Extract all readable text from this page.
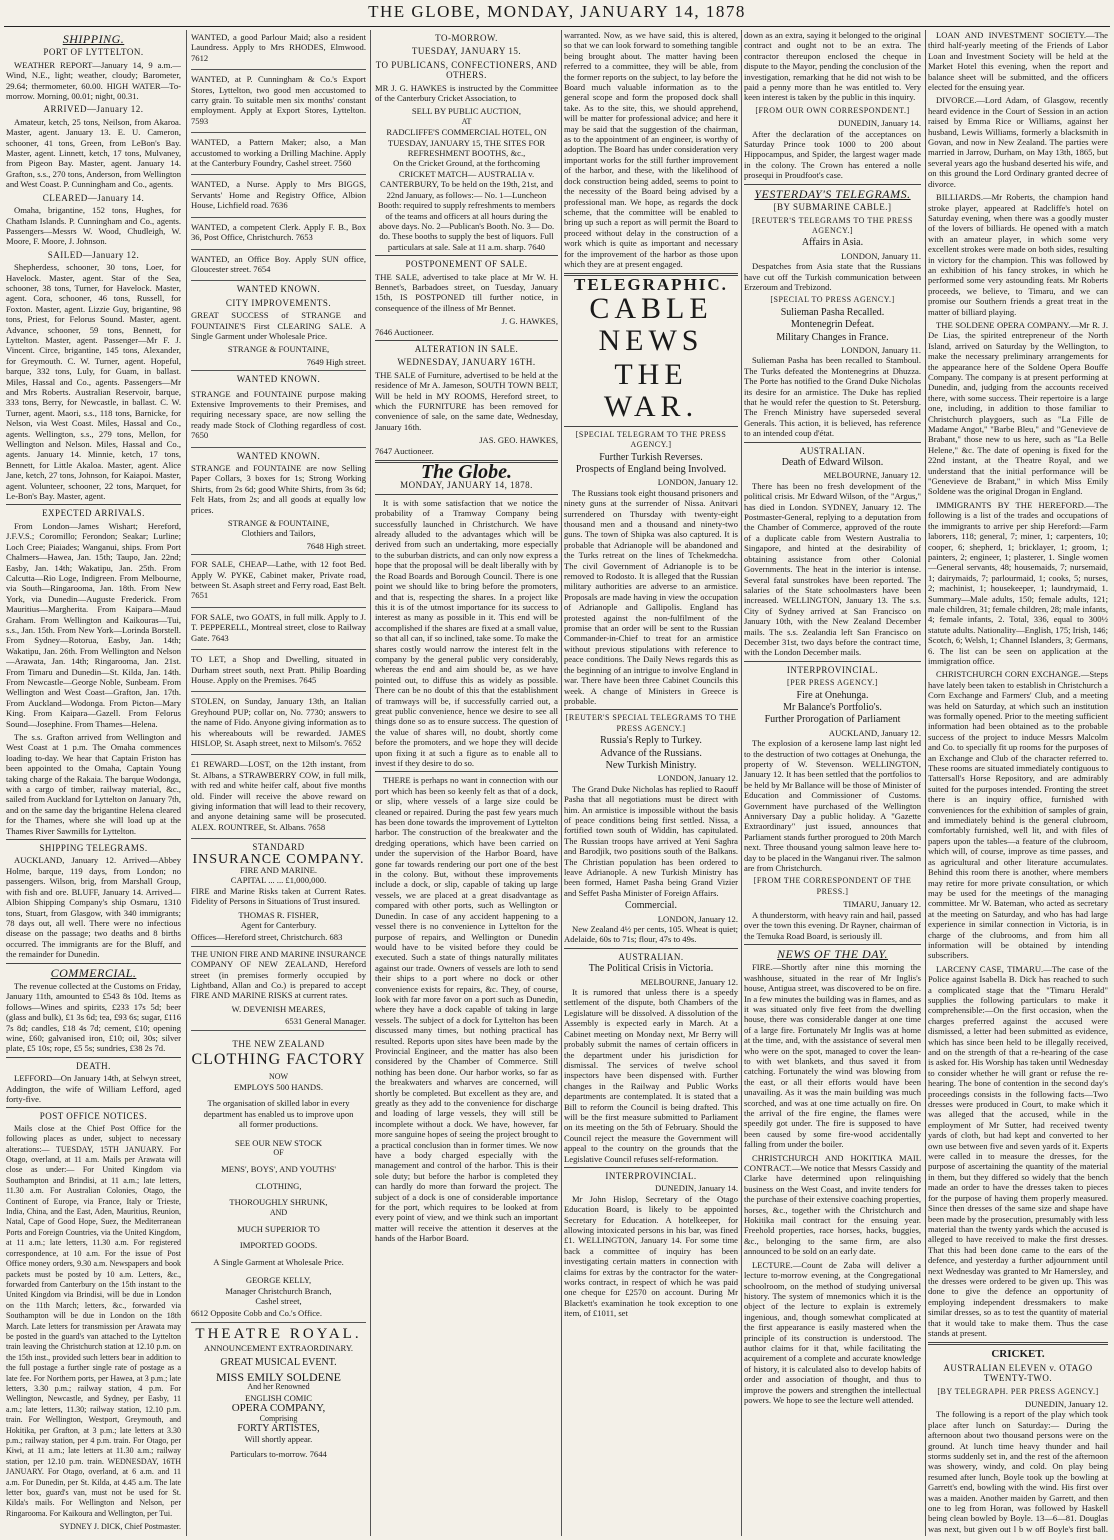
THE GLOBE, MONDAY, JANUARY 14, 1878
SHIPPING.
PORT OF LYTTELTON.

WEATHER REPORT—January 14, 9 a.m.—Wind, N.E., light; weather, cloudy; Barometer, 29.64; thermometer, 60.00. HIGH WATER—To-morrow. Morning, 00.01; night, 00.31.

ARRIVED—January 12.

Amateur, ketch, 25 tons, Neilson, from Akaroa. Master, agent. January 13. E. U. Cameron, schooner, 41 tons, Green, from LeBon's Bay. Master, agent. Linnett, ketch, 17 tons, Mulvaney, from Pigeon Bay. Master, agent. January 14. Grafton, s.s., 270 tons, Anderson, from Wellington and West Coast. P. Cunningham and Co., agents.

CLEARED—January 14.

Omaha, brigantine, 152 tons, Hughes, for Chatham Islands. P. Cunningham and Co., agents. Passengers—Messrs W. Wood, Chudleigh, W. Moore, F. Moore, J. Johnson.

SAILED—January 12.

Shepherdess, schooner, 30 tons, Loer, for Havelock. Master, agent. Star of the Sea, schooner, 38 tons, Turner, for Havelock. Master, agent. Cora, schooner, 46 tons, Russell, for Foxton. Master, agent. Lizzie Guy, brigantine, 98 tons, Priest, for Felorus Sound. Master, agent. Advance, schooner, 59 tons, Bennett, for Lyttelton. Master, agent. Passenger—Mr F. J. Vincent. Circe, brigantine, 145 tons, Alexander, for Greymouth. C. W. Turner, agent. Hopeful, barque, 332 tons, Luly, for Guam, in ballast. Miles, Hassal and Co., agents. Passengers—Mr and Mrs Roberts. Australian Reservoir, barque, 333 tons, Berry, for Newcastle, in ballast. C. W. Turner, agent. Maori, s.s., 118 tons, Barnicke, for Nelson, via West Coast. Miles, Hassal and Co., agents. Wellington, s.s., 279 tons, Mellon, for Wellington and Nelson. Miles, Hassal and Co., agents. January 14. Minnie, ketch, 17 tons, Bennett, for Little Akaloa. Master, agent. Alice Jane, ketch, 27 tons, Johnson, for Kaiapoi. Master, agent. Volunteer, schooner, 22 tons, Marquet, for Le-Bon's Bay. Master, agent.

EXPECTED ARRIVALS.

From London—James Wishart; Hereford, J.F.V.S.; Coromillo; Ferondon; Seakar; Lurline; Loch Cree; Piaiades; Wanganui, ships. From Port Chalmers—Hawea, Jan. 15th; Taupo, Jan. 22nd; Easby, Jan. 14th; Wakatipu, Jan. 25th. From Calcutta—Rio Loge, Indigreen. From Melbourne, via South—Ringarooma, Jan. 18th. From New York, via Dunedin—Auguste Frederick. From Mauritius—Margherita. From Kaipara—Maud Graham. From Wellington and Kaikouras—Tui, s.s., Jan. 15th. From New York—Lorinda Borstell. From Sydney—Rotorua, Easby, Jan. 14th; Wakatipu, Jan. 26th. From Wellington and Nelson—Arawata, Jan. 14th; Ringarooma, Jan. 21st. From Timaru and Dunedin—St. Kilda, Jan. 14th. From Newcastle—George Noble, Sunbeam. From Wellington and West Coast—Grafton, Jan. 17th. From Auckland—Wodonga. From Picton—Mary King. From Kaipara—Gazell. From Felorus Sound—Josephine. From Thames—Helena.

The s.s. Grafton arrived from Wellington and West Coast at 1 p.m. The Omaha commences loading to-day. We hear that Captain Friston has been appointed to the Omaha, Captain Young taking charge of the Rakaia. The barque Wodonga, with a cargo of timber, railway material, &c., sailed from Auckland for Lyttelton on January 7th, and on the same day the brigantine Helena cleared for the Thames, where she will load up at the Thames River Sawmills for Lyttelton.

SHIPPING TELEGRAMS.

AUCKLAND, January 12. Arrived—Abbey Holme, barque, 119 days, from London; no passengers. Wilson, brig, from Marshall Group, with fish and ore. BLUFF, January 14. Arrived—Albion Shipping Company's ship Osmaru, 1310 tons, Stuart, from Glasgow, with 340 immigrants; 78 days out, all well. There were no infectious disease on the passage; two deaths and 8 births occurred. The immigrants are for the Bluff, and the remainder for Dunedin.

COMMERCIAL.

The revenue collected at the Customs on Friday, January 11th, amounted to £543 8s 10d. Items as follows—Wines and spirits, £233 17s 5d; beer (glass and bulk), £1 3s 6d; tea, £93 6s; sugar, £116 7s 8d; candles, £18 4s 7d; cement, £10; opening wine, £60; galvanised iron, £10; oil, 30s; silver plate, £5 10s; rope, £5 5s; sundries, £38 2s 7d.

DEATH.

LEFFORD—On January 14th, at Selwyn street, Addington, the wife of William Lefford, aged forty-five.

POST OFFICE NOTICES.

Mails close at the Chief Post Office for the following places as under, subject to necessary alterations:— TUESDAY, 15TH JANUARY. For Otago, overland, at 11 a.m. Mails per Arawata will close as under:— For United Kingdom via Southampton and Brindisi, at 11 a.m.; late letters, 11.30 a.m. For Australian Colonies, Otago, the Continent of Europe, via France, Italy or Trieste, India, China, and the East, Aden, Mauritius, Reunion, Natal, Cape of Good Hope, Suez, the Mediterranean Ports and Foreign Countries, via the United Kingdom, at 11 a.m.; late letters, 11.30 a.m. For registered correspondence, at 10 a.m. For the issue of Post Office money orders, 9.30 a.m. Newspapers and book packets must be posted by 10 a.m. Letters, &c., forwarded from Canterbury on the 15th instant to the United Kingdom via Brindisi, will be due in London on the 11th March; letters, &c., forwarded via Southampton will be due in London on the 18th March. Late letters for transmission per Arawata may be posted in the guard's van attached to the Lyttelton train leaving the Christchurch station at 12.10 p.m. on the 15th inst., provided such letters bear in addition to the full postage a further single rate of postage as a late fee. For Northern ports, per Hawea, at 3 p.m.; late letters, 3.30 p.m.; railway station, 4 p.m. For Wellington, Newcastle, and Sydney, per Easby, 11 a.m.; late letters, 11.30; railway station, 12.10 p.m. train. For Wellington, Westport, Greymouth, and Hokitika, per Grafton, at 3 p.m.; late letters at 3.30 p.m.; railway station, per 4 p.m. train. For Otago, per Kiwi, at 11 a.m.; late letters at 11.30 a.m.; railway station, per 12.10 p.m. train. WEDNESDAY, 16TH JANUARY. For Otago, overland, at 6 a.m. and 11 a.m. For Dunedin, per St. Kilda, at 4.45 a.m. The late letter box, guard's van, must not be used for St. Kilda's mails. For Wellington and Nelson, per Ringarooma. For Kaikoura and Wellington, per Tui.

SYDNEY J. DICK, Chief Postmaster.

WANTED, a good Parlour Maid; also a resident Laundress. Apply to Mrs RHODES, Elmwood. 7612

WANTED, at P. Cunningham & Co.'s Export Stores, Lyttelton, two good men accustomed to carry grain. To suitable men six months' constant employment. Apply at Export Stores, Lyttelton. 7593

WANTED, a Pattern Maker; also, a Man accustomed to working a Drilling Machine. Apply at the Canterbury Foundry, Cashel street. 7560

WANTED, a Nurse. Apply to Mrs BIGGS, Servants' Home and Registry Office, Albion House, Lichfield road. 7636

WANTED, a competent Clerk. Apply F. B., Box 36, Post Office, Christchurch. 7653

WANTED, an Office Boy. Apply SUN office, Gloucester street. 7654

WANTED KNOWN.
CITY IMPROVEMENTS.

GREAT SUCCESS of STRANGE and FOUNTAINE'S First CLEARING SALE. A Single Garment under Wholesale Price.

STRANGE & FOUNTAINE,
7649 High street.
WANTED KNOWN.

STRANGE and FOUNTAINE purpose making Extensive Improvements to their Premises, and requiring necessary space, are now selling the ready made Stock of Clothing regardless of cost. 7650

WANTED KNOWN.

STRANGE and FOUNTAINE are now Selling Paper Collars, 3 boxes for 1s; Strong Working Shirts, from 2s 6d; good White Shirts, from 3s 6d; Felt Hats, from 2s; and all goods at equally low prices.

STRANGE & FOUNTAINE,
Clothiers and Tailors,
7648 High street.

FOR SALE, CHEAP—Lathe, with 12 foot Bed. Apply W. PYKE, Cabinet maker, Private road, between St. Asaph street and Ferry road, East Belt. 7651

FOR SALE, two GOATS, in full milk. Apply to J. T. PEPPERELL, Montreal street, close to Railway Gate. 7643

TO LET, a Shop and Dwelling, situated in Durham street south, next Pratt. Philip Boarding House. Apply on the Premises. 7645

STOLEN, on Sunday, January 13th, an Italian Greyhound PUP; collar on, No. 7730; answers to the name of Fido. Anyone giving information as to his whereabouts will be rewarded. JAMES HISLOP, St. Asaph street, next to Milsom's. 7652

£1 REWARD—LOST, on the 12th instant, from St. Albans, a STRAWBERRY COW, in full milk, with red and white heifer calf, about five months old. Finder will receive the above reward on giving information that will lead to their recovery, and anyone detaining same will be prosecuted. ALEX. ROUNTREE, St. Albans. 7658

STANDARD
INSURANCE COMPANY.
FIRE AND MARINE.
CAPITAL ... ... £1,000,000.

FIRE and Marine Risks taken at Current Rates. Fidelity of Persons in Situations of Trust insured.

THOMAS R. FISHER,
Agent for Canterbury.
Offices—Hereford street, Christchurch. 683

THE UNION FIRE AND MARINE INSURANCE COMPANY OF NEW ZEALAND, Hereford street (in premises formerly occupied by Lightband, Allan and Co.) is prepared to accept FIRE AND MARINE RISKS at current rates.

W. DEVENISH MEARES,
6531 General Manager.
THE NEW ZEALAND
CLOTHING FACTORY
NOW
EMPLOYS 500 HANDS.

The organisation of skilled labor in every department has enabled us to improve upon all former productions.

SEE OUR NEW STOCK
OF
MENS', BOYS', AND YOUTHS'
CLOTHING,
THOROUGHLY SHRUNK,
AND
MUCH SUPERIOR TO
IMPORTED GOODS.
A Single Garment at Wholesale Price.
GEORGE KELLY,
Manager Christchurch Branch,
Cashel street,
6612 Opposite Cobb and Co.'s Office.
THEATRE ROYAL.
ANNOUNCEMENT EXTRAORDINARY.
GREAT MUSICAL EVENT.
MISS EMILY SOLDENE
And her Renowned
ENGLISH COMIC
OPERA COMPANY,
Comprising
FORTY ARTISTES,
Will shortly appear.
Particulars to-morrow. 7644
TO-MORROW.
TUESDAY, JANUARY 15.
TO PUBLICANS, CONFECTIONERS, AND OTHERS.

MR J. G. HAWKES is instructed by the Committee of the Canterbury Cricket Association, to

SELL BY PUBLIC AUCTION,
AT
RADCLIFFE'S COMMERCIAL HOTEL, ON TUESDAY, JANUARY 15, THE SITES FOR REFRESHMENT BOOTHS, &c.,

On the Cricket Ground, at the forthcoming CRICKET MATCH— AUSTRALIA v. CANTERBURY, To be held on the 19th, 21st, and 22nd January, as follows:— No. 1—Luncheon Booth: required to supply refreshments to members of the teams and officers at all hours during the above days. No. 2—Publican's Booth. No. 3— Do. do. These booths to supply the best of liquors. Full particulars at sale. Sale at 11 a.m. sharp. 7640

POSTPONEMENT OF SALE.

THE SALE, advertised to take place at Mr W. H. Bennet's, Barbadoes street, on Tuesday, January 15th, IS POSTPONED till further notice, in consequence of the illness of Mr Bennet.

J. G. HAWKES,
7646 Auctioneer.
ALTERATION IN SALE.
WEDNESDAY, JANUARY 16TH.

THE SALE of Furniture, advertised to be held at the residence of Mr A. Jameson, SOUTH TOWN BELT, Will be held in MY ROOMS, Hereford street, to which the FURNITURE has been removed for convenience of sale, on the same date, Wednesday, January 16th.

JAS. GEO. HAWKES,
7647 Auctioneer.
The Globe.
MONDAY, JANUARY 14, 1878.

It is with some satisfaction that we notice the probability of a Tramway Company being successfully launched in Christchurch. We have already alluded to the advantages which will be derived from such an undertaking, more especially to the suburban districts, and can only now express a hope that the proposal will be dealt liberally with by the Road Boards and Borough Council. There is one point we should like to bring before the promoters, and that is, respecting the shares. In a project like this it is of the utmost importance for its success to interest as many as possible in it. This end will be accomplished if the shares are fixed at a small value, so that all can, if so inclined, take some. To make the shares costly would narrow the interest felt in the company by the general public very considerably, whereas the end and aim should be, as we have pointed out, to diffuse this as widely as possible. There can be no doubt of this that the establishment of tramways will be, if successfully carried out, a great public convenience, hence we desire to see all things done so as to ensure success. The question of the value of shares will, no doubt, shortly come before the promoters, and we hope they will decide upon fixing it at such a figure as to enable all to invest if they desire to do so.

THERE is perhaps no want in connection with our port which has been so keenly felt as that of a dock, or slip, where vessels of a large size could be cleaned or repaired. During the past few years much has been done towards the improvement of Lyttelton harbor. The construction of the breakwater and the dredging operations, which have been carried on under the supervision of the Harbor Board, have gone far towards rendering our port one of the best in the colony. But, without these improvements include a dock, or slip, capable of taking up large vessels, we are placed at a great disadvantage as compared with other ports, such as Wellington or Dunedin. In case of any accident happening to a vessel there is no convenience in Lyttelton for the purpose of repairs, and Wellington or Dunedin would have to be visited before they could be executed. Such a state of things naturally militates against our trade. Owners of vessels are loth to send their ships to a port where no dock or other convenience exists for repairs, &c. They, of course, look with far more favor on a port such as Dunedin, where they have a dock capable of taking in large vessels. The subject of a dock for Lyttelton has been discussed many times, but nothing practical has resulted. Reports upon sites have been made by the Provincial Engineer, and the matter has also been considered by the Chamber of Commerce. Still nothing has been done. Our harbor works, so far as the breakwaters and wharves are concerned, will shortly be completed. But excellent as they are, and greatly as they add to the convenience for discharge and loading of large vessels, they will still be incomplete without a dock. We have, however, far more sanguine hopes of seeing the project brought to a practical conclusion than in former times. We now have a body charged especially with the management and control of the harbor. This is their sole duty; but before the harbor is completed they can hardly do more than forward the project. The subject of a dock is one of considerable importance for the port, which requires to be looked at from every point of view, and we think such an important matter will receive the attention it deserves at the hands of the Harbor Board.

warranted. Now, as we have said, this is altered, so that we can look forward to something tangible being brought about. The matter having been referred to a committee, they will be able, from the former reports on the subject, to lay before the Board much valuable information as to the general scope and form the proposed dock shall take. As to the site, this, we should apprehend, will be matter for professional advice; and here it may be said that the suggestion of the chairman, as to the appointment of an engineer, is worthy of adoption. The Board has under consideration very important works for the still further improvement of the harbor, and these, with the likelihood of dock construction being added, seems to point to the necessity of the Board being advised by a professional man. We hope, as regards the dock scheme, that the committee will be enabled to bring up such a report as will permit the Board to proceed without delay in the construction of a work which is quite as important and necessary for the improvement of the harbor as those upon which they are at present engaged.

TELEGRAPHIC.
CABLE NEWS
THE WAR.
[SPECIAL TELEGRAM TO THE PRESS AGENCY.]
Further Turkish Reverses.
Prospects of England being Involved.
LONDON, January 12.

The Russians took eight thousand prisoners and ninety guns at the surrender of Nissa. Anitvari surrendered on Thursday with twenty-eight thousand men and a thousand and ninety-two guns. The town of Shipka was also captured. It is probable that Adrianople will be abandoned and the Turks retreat on the lines of Tchekmedcha. The civil Government of Adrianople is to be removed to Rodosto. It is alleged that the Russian military authorities are adverse to an armistice. Proposals are made having in view the occupation of Adrianople and Gallipolis. England has protested against the non-fulfilment of the promise that an order will be sent to the Russian Commander-in-Chief to treat for an armistice without previous stipulations with reference to peace conditions. The Daily News regards this as the beginning of an intrigue to involve England in war. There have been three Cabinet Councils this week. A change of Ministers in Greece is probable.

[REUTER'S SPECIAL TELEGRAMS TO THE PRESS AGENCY.]
Russia's Reply to Turkey.
Advance of the Russians.
New Turkish Ministry.
LONDON, January 12.

The Grand Duke Nicholas has replied to Raouff Pasha that all negotiations must be direct with him. An armistice is impossible without the basis of peace conditions being first settled. Nissa, a fortified town south of Widdin, has capitulated. The Russian troops have arrived at Yeni Saghra and Barodjik, two positions south of the Balkans. The Christian population has been ordered to leave Adrianople. A new Turkish Ministry has been formed, Hamet Pasha being Grand Vizier and Seffet Pasha Minister of Foreign Affairs.

Commercial.
LONDON, January 12.

New Zealand 4½ per cents, 105. Wheat is quiet; Adelaide, 60s to 71s; flour, 47s to 49s.

AUSTRALIAN.
The Political Crisis in Victoria.
MELBOURNE, January 12.

It is rumored that unless there is a speedy settlement of the dispute, both Chambers of the Legislature will be dissolved. A dissolution of the Assembly is expected early in March. At a Cabinet meeting on Monday next, Mr Berry will probably submit the names of certain officers in the department under his jurisdiction for dismissal. The services of twelve school inspectors have been dispensed with. Further changes in the Railway and Public Works departments are contemplated. It is stated that a Bill to reform the Council is being drafted. This will be the first measure submitted to Parliament on its meeting on the 5th of February. Should the Council reject the measure the Government will appeal to the country on the grounds that the Legislative Council refuses self-reformation.

INTERPROVINCIAL.
DUNEDIN, January 14.

Mr John Hislop, Secretary of the Otago Education Board, is likely to be appointed Secretary for Education. A hotelkeeper, for allowing intoxicated persons in his bar, was fined £1. WELLINGTON, January 14. For some time back a committee of inquiry has been investigating certain matters in connection with claims for extras by the contractor for the water-works contract, in respect of which he was paid one cheque for £2570 on account. During Mr Blackett's examination he took exception to one item, of £1011, set

down as an extra, saying it belonged to the original contract and ought not to be an extra. The contractor thereupon enclosed the cheque in dispute to the Mayor, pending the conclusion of the investigation, remarking that he did not wish to be paid a penny more than he was entitled to. Very keen interest is taken by the public in this inquiry.

[FROM OUR OWN CORRESPONDENT.]
DUNEDIN, January 14.

After the declaration of the acceptances on Saturday Prince took 1000 to 200 about Hippocampus, and Spider, the largest wager made in the colony. The Crown has entered a nolle prosequi in Proudfoot's case.

YESTERDAY'S TELEGRAMS.
[BY SUBMARINE CABLE.]
[REUTER'S TELEGRAMS TO THE PRESS AGENCY.]
Affairs in Asia.
LONDON, January 11.

Despatches from Asia state that the Russians have cut off the Turkish communication between Erzeroum and Trebizond.

[SPECIAL TO PRESS AGENCY.]
Sulieman Pasha Recalled.
Montenegrin Defeat.
Military Changes in France.
LONDON, January 11.

Sulieman Pasha has been recalled to Stamboul. The Turks defeated the Montenegrins at Dhuzza. The Porte has notified to the Grand Duke Nicholas its desire for an armistice. The Duke has replied that he would refer the question to St. Petersburg. The French Ministry have superseded several Generals. This action, it is believed, has reference to an intended coup d'état.

AUSTRALIAN.
Death of Edward Wilson.
MELBOURNE, January 12.

There has been no fresh development of the political crisis. Mr Edward Wilson, of the "Argus," has died in London. SYDNEY, January 12. The Postmaster-General, replying to a deputation from the Chamber of Commerce, approved of the route of a duplicate cable from Western Australia to Singapore, and hinted at the desirability of obtaining assistance from other Colonial Governments. The heat in the interior is intense. Several fatal sunstrokes have been reported. The salaries of the State schoolmasters have been increased. WELLINGTON, January 13. The s.s. City of Sydney arrived at San Francisco on January 10th, with the New Zealand December mails. The s.s. Zealandia left San Francisco on December 31st, two days before the contract time, with the London December mails.

INTERPROVINCIAL.
[PER PRESS AGENCY.]
Fire at Onehunga.
Mr Balance's Portfolio's.
Further Prorogation of Parliament
AUCKLAND, January 12.

The explosion of a kerosene lamp last night led to the destruction of two cottages at Onehunga, the property of W. Stevenson. WELLINGTON, January 12. It has been settled that the portfolios to be held by Mr Ballance will be those of Minister of Education and Commissioner of Customs. Government have purchased of the Wellington Anniversary Day a public holiday. A "Gazette Extraordinary" just issued, announces that Parliament stands further prorogued to 20th March next. Three thousand young salmon leave here to-day to be placed in the Wanganui river. The salmon are from Christchurch.

[FROM THE CORRESPONDENT OF THE PRESS.]
TIMARU, January 12.

A thunderstorm, with heavy rain and hail, passed over the town this evening. Dr Rayner, chairman of the Temuka Road Board, is seriously ill.

NEWS OF THE DAY.

FIRE.—Shortly after nine this morning the washhouse, situated in the rear of Mr Inglis's house, Antigua street, was discovered to be on fire. In a few minutes the building was in flames, and as it was situated only five feet from the dwelling house, there was considerable danger at one time of a large fire. Fortunately Mr Inglis was at home at the time, and, with the assistance of several men who were on the spot, managed to cover the lean-to with wet blankets, and thus saved it from catching. Fortunately the wind was blowing from the east, or all their efforts would have been unavailing. As it was the main building was much scorched, and was at one time actually on fire. On the arrival of the fire engine, the flames were speedily got under. The fire is supposed to have been caused by some fire-wood accidentally falling from under the boiler.

CHRISTCHURCH AND HOKITIKA MAIL CONTRACT.—We notice that Messrs Cassidy and Clarke have determined upon relinquishing business on the West Coast, and invite tenders for the purchase of their extensive coaching properties, horses, &c., together with the Christchurch and Hokitika mail contract for the ensuing year. Freehold properties, race horses, hacks, buggies, &c., belonging to the same firm, are also announced to be sold on an early date.

LECTURE.—Count de Zaba will deliver a lecture to-morrow evening, at the Congregational schoolroom, on the method of studying universal history. The system of mnemonics which it is the object of the lecture to explain is extremely ingenious, and, though somewhat complicated at the first appearance is easily mastered when the principle of its construction is understood. The author claims for it that, while facilitating the acquirement of a complete and accurate knowledge of history, it is calculated also to develop habits of order and association of thought, and thus to improve the powers and strengthen the intellectual powers. We hope to see the lecture well attended.

LOAN AND INVESTMENT SOCIETY.—The third half-yearly meeting of the Friends of Labor Loan and Investment Society will be held at the Market Hotel this evening, when the report and balance sheet will be submitted, and the officers elected for the ensuing year.

DIVORCE.—Lord Adam, of Glasgow, recently heard evidence in the Court of Session in an action raised by Emma Rice or Williams, against her husband, Lewis Williams, formerly a blacksmith in Govan, and now in New Zealand. The parties were married in Jarrow, Durham, on May 13th, 1865, but several years ago the husband deserted his wife, and on this ground the Lord Ordinary granted decree of divorce.

BILLIARDS.—Mr Roberts, the champion hand stroke player, appeared at Radcliffe's hotel on Saturday evening, when there was a goodly muster of the lovers of billiards. He opened with a match with an amateur player, in which some very excellent strokes were made on both sides, resulting in victory for the champion. This was followed by an exhibition of his fancy strokes, in which he performed some very astounding feats. Mr Roberts proceeds, we believe, to Timaru, and we can promise our Southern friends a great treat in the matter of billiard playing.

THE SOLDENE OPERA COMPANY.—Mr R. J. De Lias, the spirited entrepreneur of the North Island, arrived on Saturday by the Wellington, to make the necessary preliminary arrangements for the appearance here of the Soldene Opera Bouffe Company. The company is at present performing at Dunedin, and, judging from the accounts received there, with some success. Their repertoire is a large one, including, in addition to those familiar to Christchurch playgoers, such as "La Fille de Madame Angot," "Barbe Bleu," and "Genevieve de Brabant," those new to us here, such as "La Belle Helene," &c. The date of opening is fixed for the 22nd instant, at the Theatre Royal, and we understand that the initial performance will be "Genevieve de Brabant," in which Miss Emily Soldene was the original Drogan in England.

IMMIGRANTS BY THE HEREFORD.—The following is a list of the trades and occupations of the immigrants to arrive per ship Hereford:—Farm laborers, 118; general, 7; miner, 1; carpenters, 10; cooper, 6; shepherd, 1; bricklayer, 1; groom, 1; painters, 2; engineer, 1; plasterer, 1. Single women—General servants, 48; housemaids, 7; nursemaid, 1; dairymaids, 7; parlourmaid, 1; cooks, 5; nurses, 2; machinist, 1; housekeeper, 1; laundrymaid, 1. Summary—Male adults, 150; female adults, 121; male children, 31; female children, 28; male infants, 4; female infants, 2. Total, 336, equal to 300½ statute adults. Nationality—English, 175; Irish, 146; Scotch, 6; Welsh, 1; Channel Islanders, 3; Germans, 6. The list can be seen on application at the immigration office.

CHRISTCHURCH CORN EXCHANGE.—Steps have lately been taken to establish in Christchurch a Corn Exchange and Farmers' Club, and a meeting was held on Saturday, at which such an institution was formally opened. Prior to the meeting sufficient information had been obtained as to the probable success of the project to induce Messrs Malcolm and Co. to specially fit up rooms for the purposes of an Exchange and Club of the character referred to. These rooms are situated immediately contiguous to Tattersall's Horse Repository, and are admirably suited for the purposes intended. Fronting the street there is an inquiry office, furnished with conveniences for the exhibition of samples of grain, and immediately behind is the general clubroom, comfortably furnished, well lit, and with files of papers upon the tables—a feature of the clubroom, which will, of course, improve as time passes, and as agricultural and other literature accumulates. Behind this room there is another, where members may retire for more private consultation, or which may be used for the meetings of the managing committee. Mr W. Bateman, who acted as secretary at the meeting on Saturday, and who has had large experience in similar connection in Victoria, is in charge of the clubrooms, and from him all information will be obtained by intending subscribers.

LARCENY CASE, TIMARU.—The case of the Police against Isabella B. Dick has reached to such a complicated stage that the "Timaru Herald" supplies the following particulars to make it comprehensible:—On the first occasion, when the charges preferred against the accused were dismissed, a letter had been submitted as evidence, which has since been held to be illegally received, and on the strength of that a re-hearing of the case is asked for. His Worship has taken until Wednesday to consider whether he will grant or refuse the re-hearing. The bone of contention in the second day's proceedings consists in the following facts—Two dresses were produced in Court, to make which it was alleged that the accused, while in the employment of Mr Sutter, had received twenty yards of cloth, but had kept and converted to her own use between five and seven yards of it. Experts were called in to measure the dresses, for the purpose of ascertaining the quantity of the material in them, but they differed so widely that the bench made an order to have the dresses taken to pieces for the purpose of having them properly measured. Since then dresses of the same size and shape have been made by the prosecution, presumably with less material than the twenty yards which the accused is alleged to have received to make the first dresses. That this had been done came to the ears of the defence, and yesterday a further adjournment until next Wednesday was granted to Mr Hamersley, and the dresses were ordered to be given up. This was done to give the defence an opportunity of employing independent dressmakers to make similar dresses, so as to test the quantity of material that it would take to make them. Thus the case stands at present.

CRICKET.
AUSTRALIAN ELEVEN v. OTAGO TWENTY-TWO.
[BY TELEGRAPH. PER PRESS AGENCY.]
DUNEDIN, January 12.

The following is a report of the play which took place after lunch on Saturday:— During the afternoon about two thousand persons were on the ground. At lunch time heavy thunder and hail storms suddenly set in, and the rest of the afternoon was showery, windy, and cold. On play being resumed after lunch, Boyle took up the bowling at Garrett's end, bowling with the wind. His first over was a maiden. Another maiden by Garrett, and then one to leg from Horan, was followed by Haskell being clean bowled by Boyle. 13—6—81. Douglas was next, but given out l b w off Boyle's first ball.
